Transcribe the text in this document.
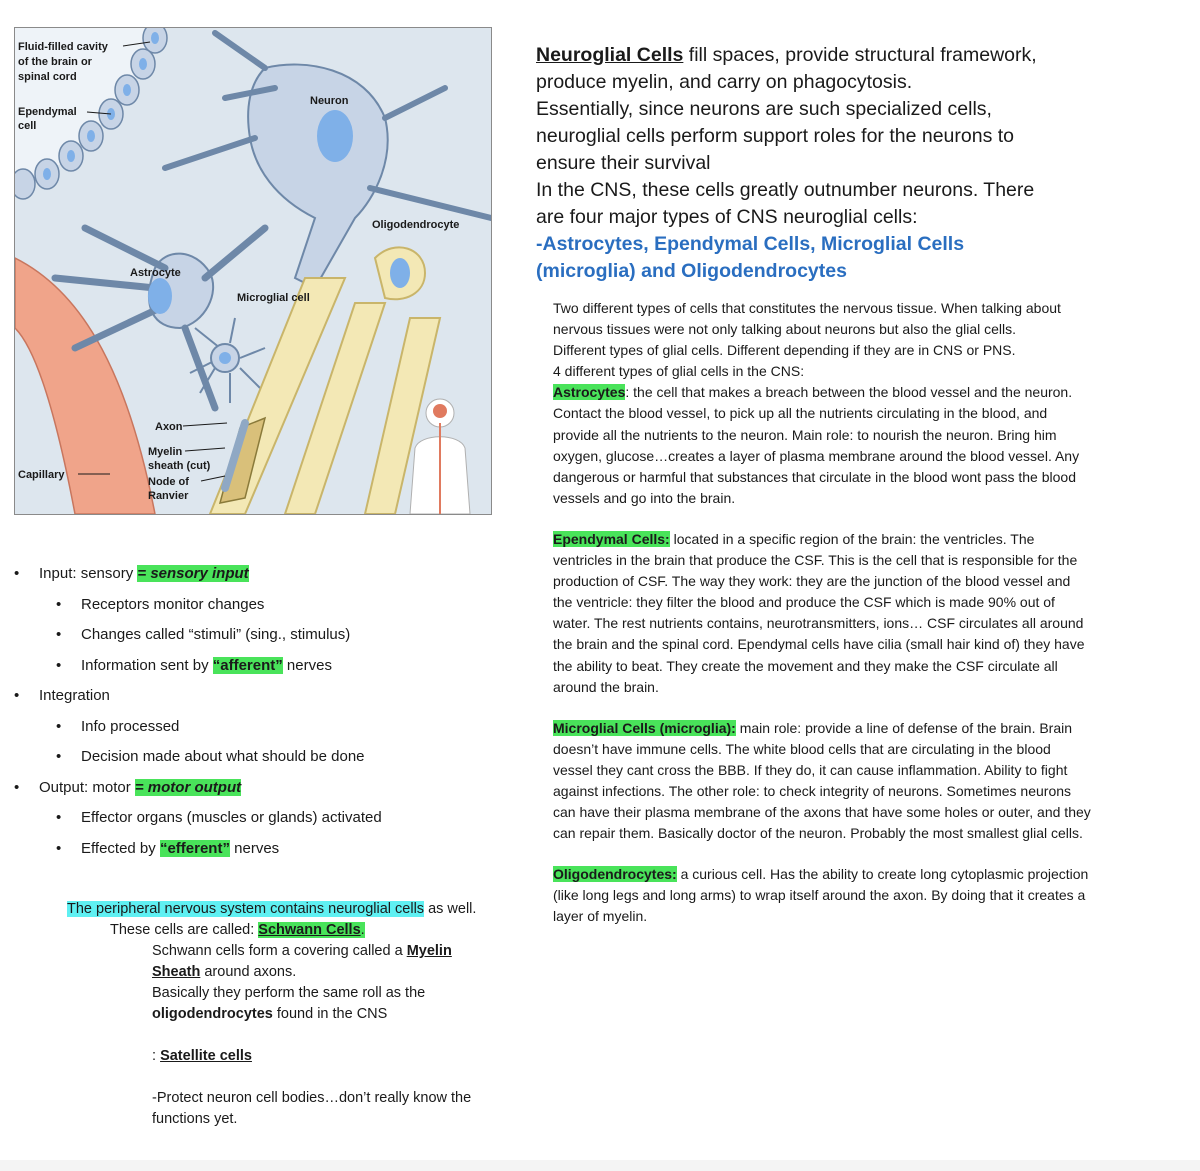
Fluid-filled cavity
of the brain or
spinal cord
Ependymal
cell
Neuron
Oligodendrocyte
Astrocyte
Microglial cell
Axon
Myelin
sheath (cut)
Node of
Ranvier
Capillary
• Input: sensory = sensory input
• Receptors monitor changes
• Changes called “stimuli” (sing., stimulus)
• Information sent by “afferent” nerves
• Integration
• Info processed
• Decision made about what should be done
• Output: motor = motor output
• Effector organs (muscles or glands) activated
• Effected by “efferent” nerves
The peripheral nervous system contains neuroglial cells as well.
These cells are called: Schwann Cells.
Schwann cells form a covering called a Myelin Sheath around axons.
Basically they perform the same roll as the oligodendrocytes found in the CNS
: Satellite cells
-Protect neuron cell bodies…don’t really know the functions yet.
Neuroglial Cells fill spaces, provide structural framework, produce myelin, and carry on phagocytosis.
Essentially, since neurons are such specialized cells, neuroglial cells perform support roles for the neurons to ensure their survival
In the CNS, these cells greatly outnumber neurons. There are four major types of CNS neuroglial cells:
-Astrocytes, Ependymal Cells, Microglial Cells (microglia) and Oligodendrocytes

Two different types of cells that constitutes the nervous tissue. When talking about nervous tissues were not only talking about neurons but also the glial cells.
Different types of glial cells. Different depending if they are in CNS or PNS.
4 different types of glial cells in the CNS:
Astrocytes: the cell that makes a breach between the blood vessel and the neuron. Contact the blood vessel, to pick up all the nutrients circulating in the blood, and provide all the nutrients to the neuron. Main role: to nourish the neuron. Bring him oxygen, glucose…creates a layer of plasma membrane around the blood vessel. Any dangerous or harmful that substances that circulate in the blood wont pass the blood vessels and go into the brain.

Ependymal Cells: located in a specific region of the brain: the ventricles. The ventricles in the brain that produce the CSF. This is the cell that is responsible for the production of CSF. The way they work: they are the junction of the blood vessel and the ventricle: they filter the blood and produce the CSF which is made 90% out of water. The rest nutrients contains, neurotransmitters, ions… CSF circulates all around the brain and the spinal cord. Ependymal cells have cilia (small hair kind of) they have the ability to beat. They create the movement and they make the CSF circulate all around the brain.

Microglial Cells (microglia): main role: provide a line of defense of the brain. Brain doesn’t have immune cells. The white blood cells that are circulating in the blood vessel they cant cross the BBB. If they do, it can cause inflammation. Ability to fight against infections. The other role: to check integrity of neurons. Sometimes neurons can have their plasma membrane of the axons that have some holes or outer, and they can repair them. Basically doctor of the neuron. Probably the most smallest glial cells.

Oligodendrocytes: a curious cell. Has the ability to create long cytoplasmic projection (like long legs and long arms) to wrap itself around the axon. By doing that it creates a layer of myelin.
